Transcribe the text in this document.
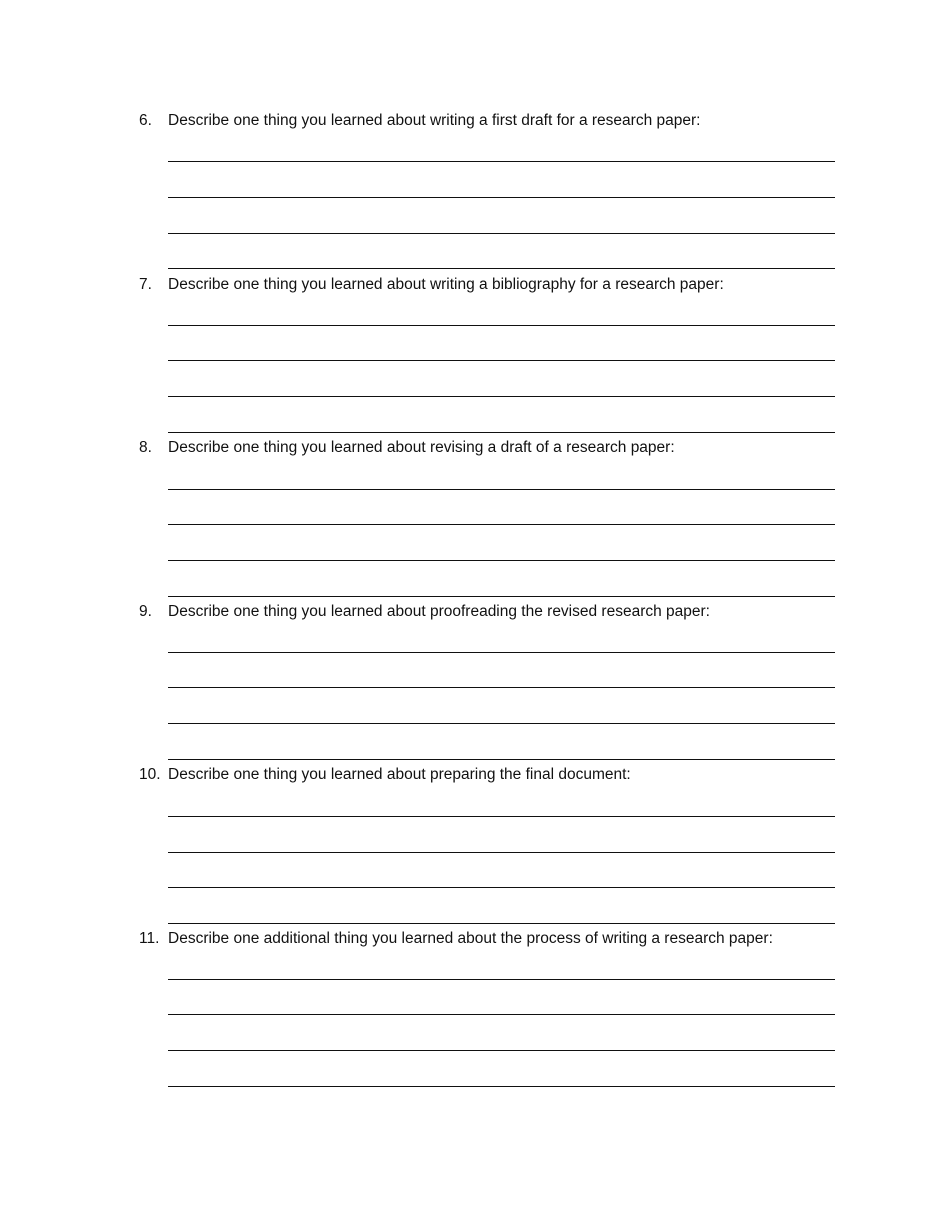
6.	Describe one thing you learned about writing a first draft for a research paper:
7.	Describe one thing you learned about writing a bibliography for a research paper:
8.	Describe one thing you learned about revising a draft of a research paper:
9.	Describe one thing you learned about proofreading the revised research paper:
10. Describe one thing you learned about preparing the final document:
11. Describe one additional thing you learned about the process of writing a research paper:
